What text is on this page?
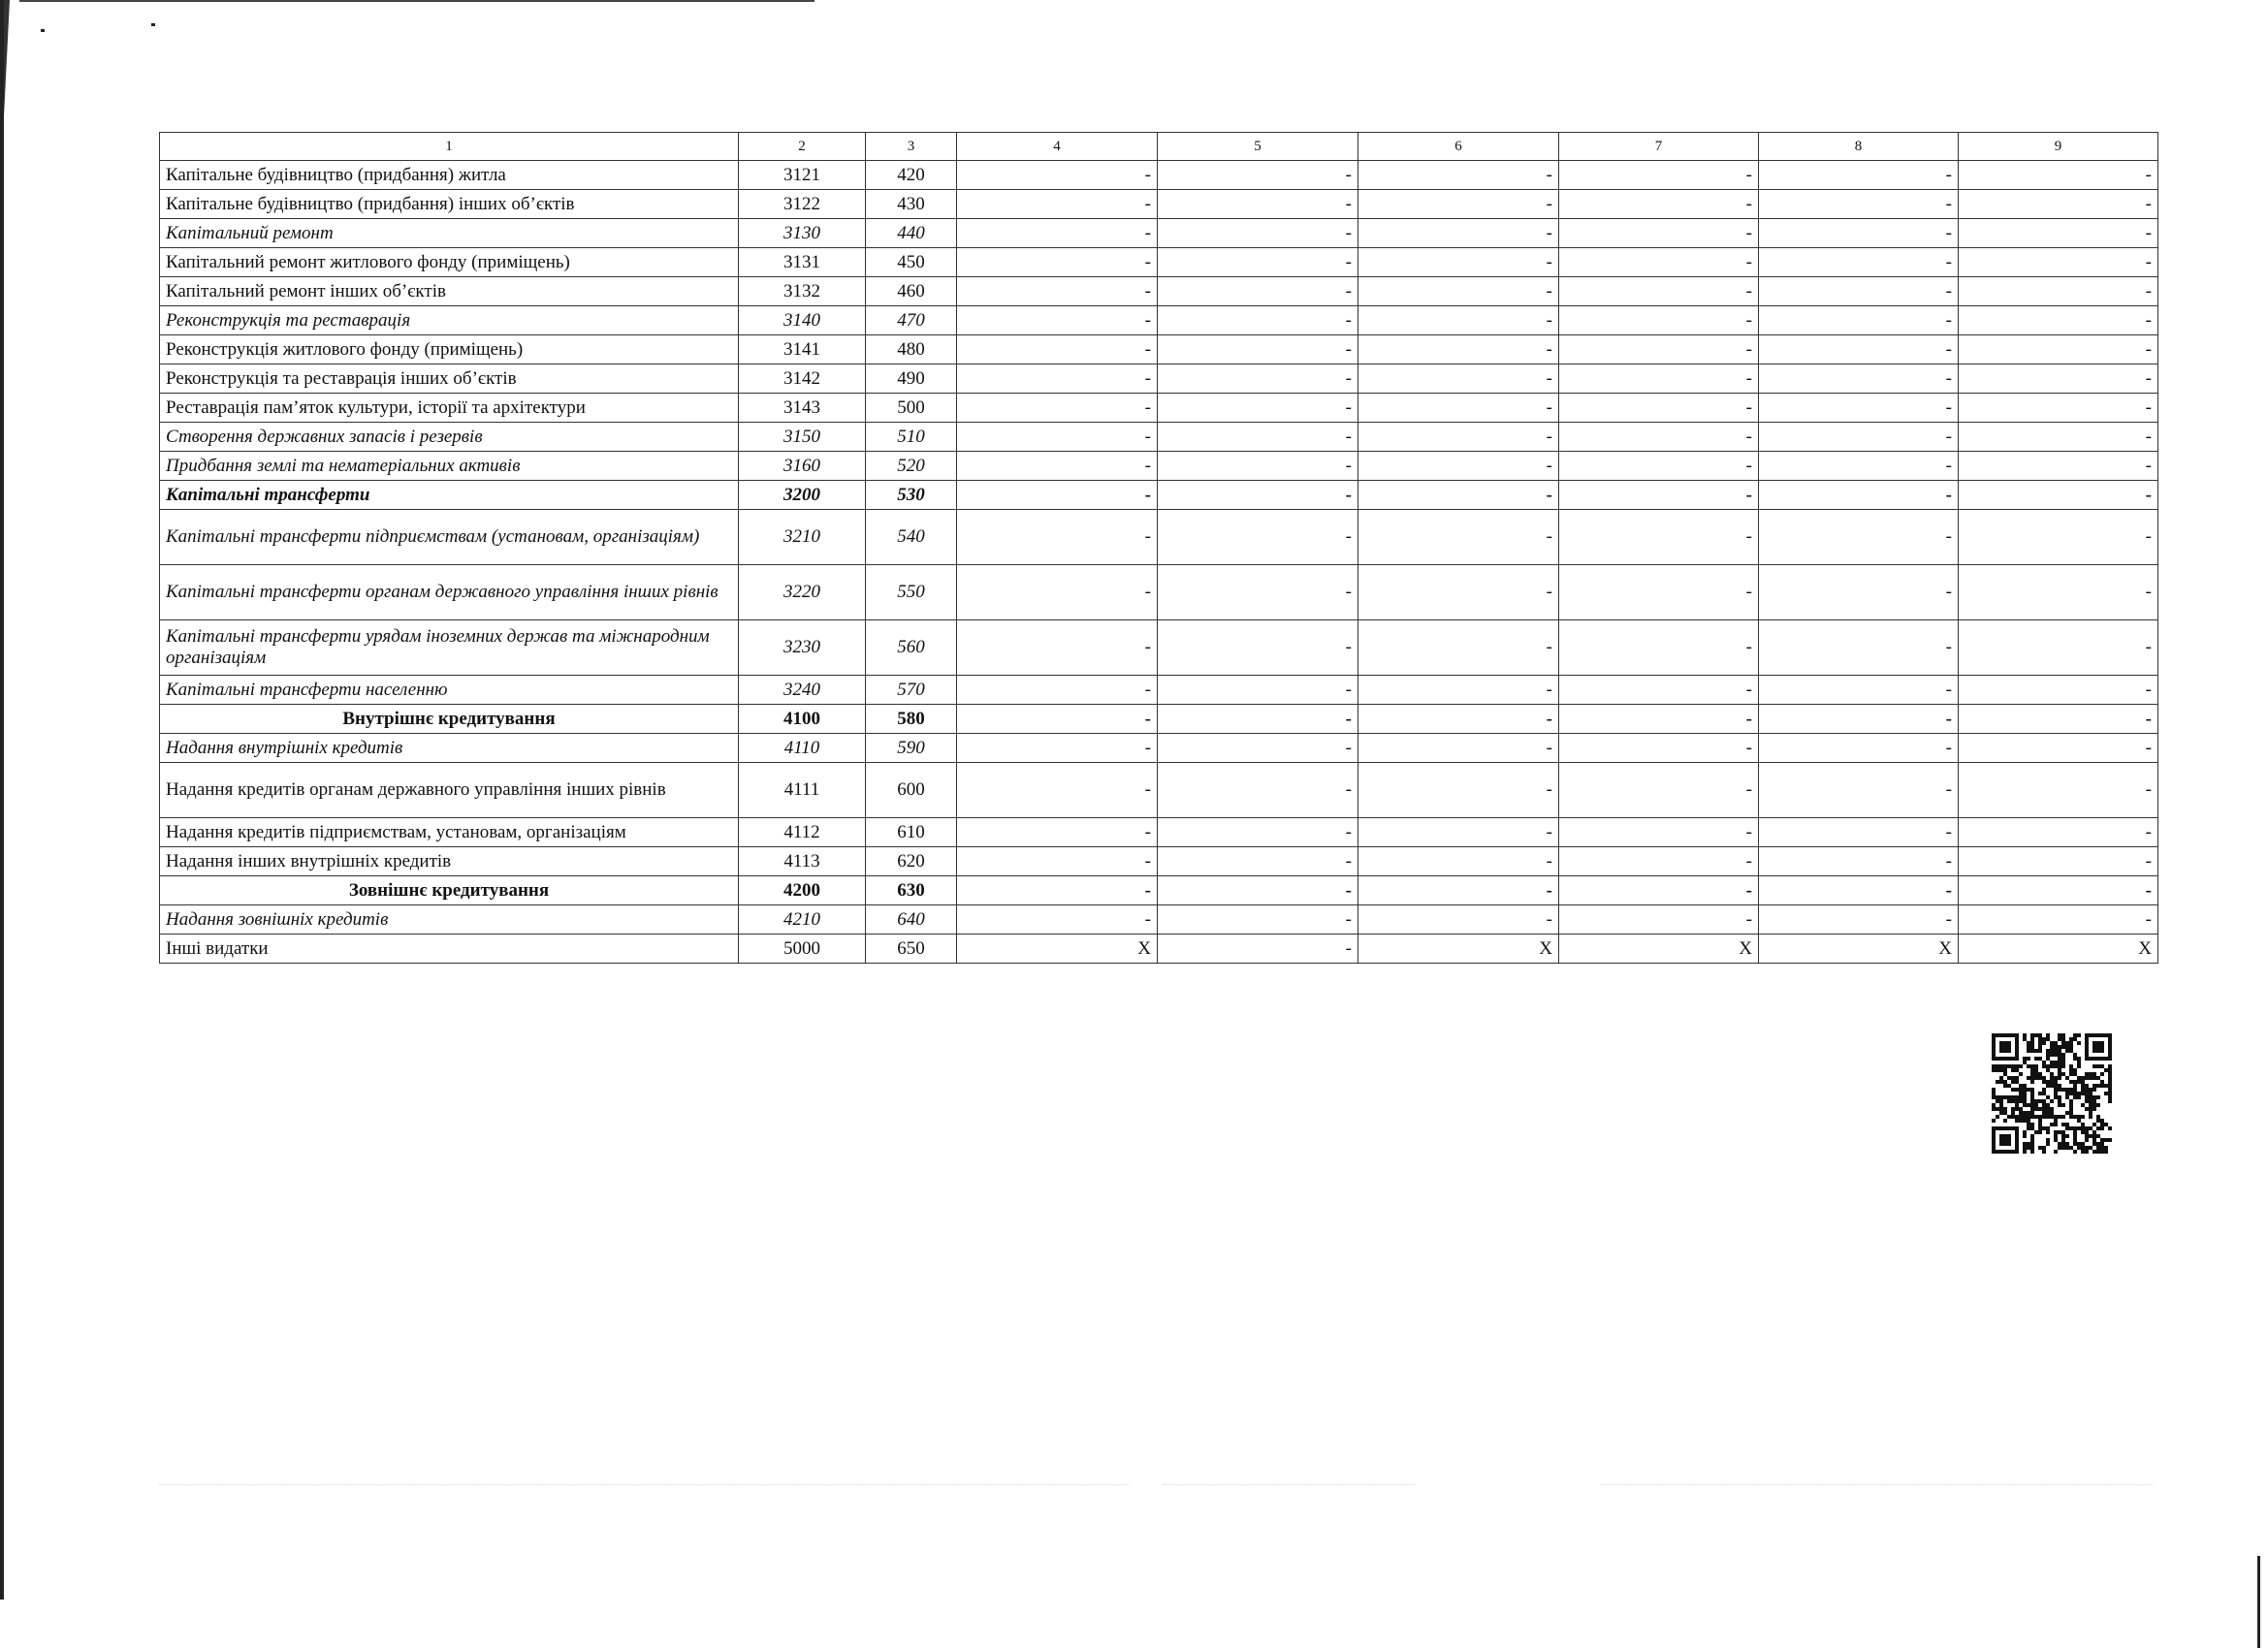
1	2	3	4	5	6	7	8	9
Капітальне будівництво (придбання) житла	3121	420	-	-	-	-	-	-
Капітальне будівництво (придбання) інших об’єктів	3122	430	-	-	-	-	-	-
Капітальний ремонт	3130	440	-	-	-	-	-	-
Капітальний ремонт житлового фонду (приміщень)	3131	450	-	-	-	-	-	-
Капітальний ремонт інших об’єктів	3132	460	-	-	-	-	-	-
Реконструкція та реставрація	3140	470	-	-	-	-	-	-
Реконструкція житлового фонду (приміщень)	3141	480	-	-	-	-	-	-
Реконструкція та реставрація інших об’єктів	3142	490	-	-	-	-	-	-
Реставрація пам’яток культури, історії та архітектури	3143	500	-	-	-	-	-	-
Створення державних запасів і резервів	3150	510	-	-	-	-	-	-
Придбання землі та нематеріальних активів	3160	520	-	-	-	-	-	-
Капітальні трансферти	3200	530	-	-	-	-	-	-
Капітальні трансферти підприємствам (установам, організаціям)	3210	540	-	-	-	-	-	-
Капітальні трансферти органам державного управління інших рівнів	3220	550	-	-	-	-	-	-
Капітальні трансферти урядам іноземних держав та міжнародним організаціям	3230	560	-	-	-	-	-	-
Капітальні трансферти населенню	3240	570	-	-	-	-	-	-
Внутрішнє кредитування	4100	580	-	-	-	-	-	-
Надання внутрішніх кредитів	4110	590	-	-	-	-	-	-
Надання кредитів органам державного управління інших рівнів	4111	600	-	-	-	-	-	-
Надання кредитів підприємствам, установам, організаціям	4112	610	-	-	-	-	-	-
Надання інших внутрішніх кредитів	4113	620	-	-	-	-	-	-
Зовнішнє кредитування	4200	630	-	-	-	-	-	-
Надання зовнішніх кредитів	4210	640	-	-	-	-	-	-
Інші видатки	5000	650	X	-	X	X	X	X
